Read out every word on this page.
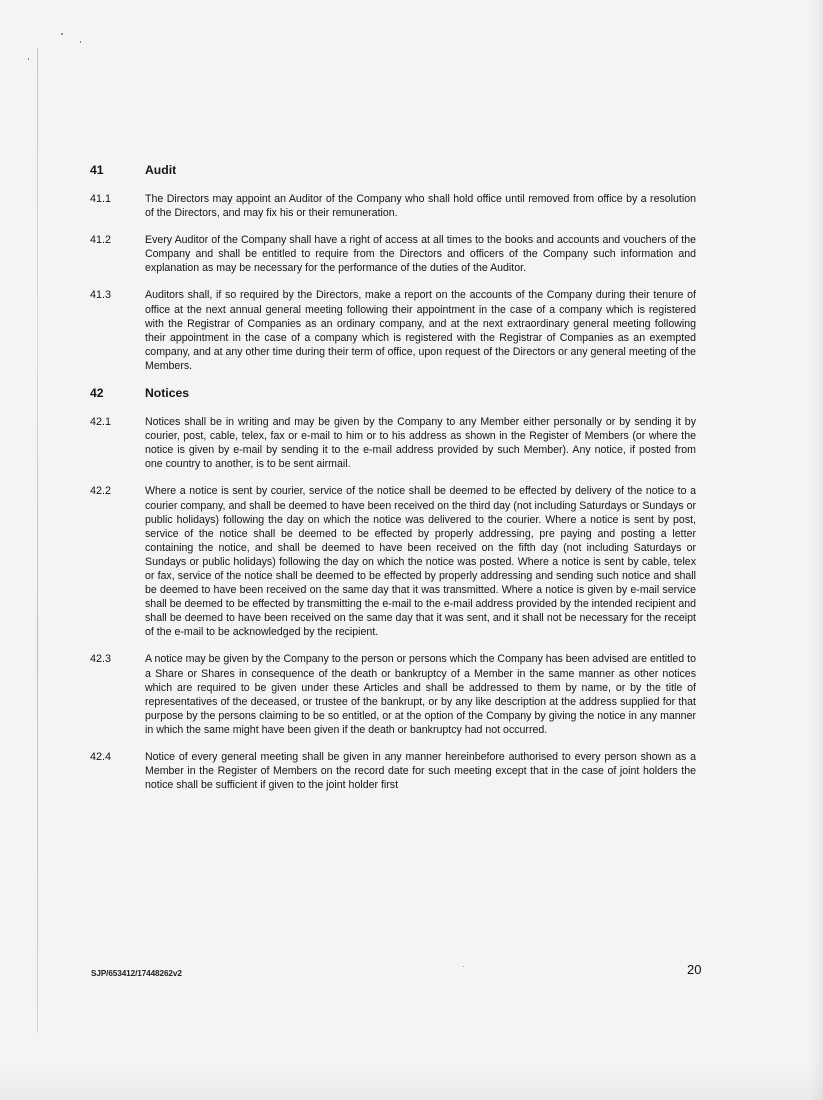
41	Audit
41.1	The Directors may appoint an Auditor of the Company who shall hold office until removed from office by a resolution of the Directors, and may fix his or their remuneration.
41.2	Every Auditor of the Company shall have a right of access at all times to the books and accounts and vouchers of the Company and shall be entitled to require from the Directors and officers of the Company such information and explanation as may be necessary for the performance of the duties of the Auditor.
41.3	Auditors shall, if so required by the Directors, make a report on the accounts of the Company during their tenure of office at the next annual general meeting following their appointment in the case of a company which is registered with the Registrar of Companies as an ordinary company, and at the next extraordinary general meeting following their appointment in the case of a company which is registered with the Registrar of Companies as an exempted company, and at any other time during their term of office, upon request of the Directors or any general meeting of the Members.
42	Notices
42.1	Notices shall be in writing and may be given by the Company to any Member either personally or by sending it by courier, post, cable, telex, fax or e-mail to him or to his address as shown in the Register of Members (or where the notice is given by e-mail by sending it to the e-mail address provided by such Member). Any notice, if posted from one country to another, is to be sent airmail.
42.2	Where a notice is sent by courier, service of the notice shall be deemed to be effected by delivery of the notice to a courier company, and shall be deemed to have been received on the third day (not including Saturdays or Sundays or public holidays) following the day on which the notice was delivered to the courier. Where a notice is sent by post, service of the notice shall be deemed to be effected by properly addressing, pre paying and posting a letter containing the notice, and shall be deemed to have been received on the fifth day (not including Saturdays or Sundays or public holidays) following the day on which the notice was posted. Where a notice is sent by cable, telex or fax, service of the notice shall be deemed to be effected by properly addressing and sending such notice and shall be deemed to have been received on the same day that it was transmitted. Where a notice is given by e-mail service shall be deemed to be effected by transmitting the e-mail to the e-mail address provided by the intended recipient and shall be deemed to have been received on the same day that it was sent, and it shall not be necessary for the receipt of the e-mail to be acknowledged by the recipient.
42.3	A notice may be given by the Company to the person or persons which the Company has been advised are entitled to a Share or Shares in consequence of the death or bankruptcy of a Member in the same manner as other notices which are required to be given under these Articles and shall be addressed to them by name, or by the title of representatives of the deceased, or trustee of the bankrupt, or by any like description at the address supplied for that purpose by the persons claiming to be so entitled, or at the option of the Company by giving the notice in any manner in which the same might have been given if the death or bankruptcy had not occurred.
42.4	Notice of every general meeting shall be given in any manner hereinbefore authorised to every person shown as a Member in the Register of Members on the record date for such meeting except that in the case of joint holders the notice shall be sufficient if given to the joint holder first
SJP/653412/17448262v2	20
